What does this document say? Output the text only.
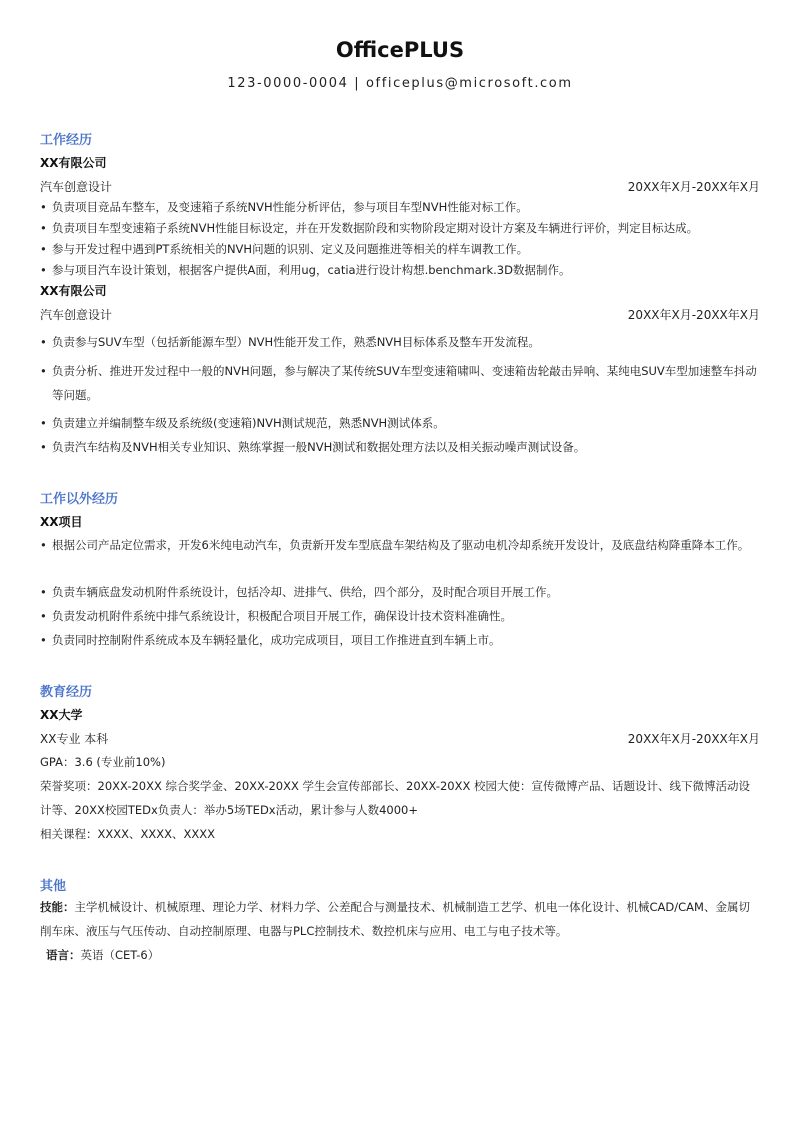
OfficePLUS
123-0000-0004 | officeplus@microsoft.com
工作经历
XX有限公司
汽车创意设计	20XX年X月-20XX年X月
• 负责项目竞品车整车，及变速箱子系统NVH性能分析评估，参与项目车型NVH性能对标工作。
• 负责项目车型变速箱子系统NVH性能目标设定，并在开发数据阶段和实物阶段定期对设计方案及车辆进行评价，判定目标达成。
• 参与开发过程中遇到PT系统相关的NVH问题的识别、定义及问题推进等相关的样车调教工作。
• 参与项目汽车设计策划，根据客户提供A面，利用ug，catia进行设计构想.benchmark.3D数据制作。
XX有限公司
汽车创意设计	20XX年X月-20XX年X月
• 负责参与SUV车型（包括新能源车型）NVH性能开发工作，熟悉NVH目标体系及整车开发流程。
• 负责分析、推进开发过程中一般的NVH问题，参与解决了某传统SUV车型变速箱啸叫、变速箱齿轮敲击异响、某纯电SUV车型加速整车抖动等问题。
• 负责建立并编制整车级及系统级(变速箱)NVH测试规范，熟悉NVH测试体系。
• 负责汽车结构及NVH相关专业知识、熟练掌握一般NVH测试和数据处理方法以及相关振动噪声测试设备。
工作以外经历
XX项目
• 根据公司产品定位需求，开发6米纯电动汽车，负责新开发车型底盘车架结构及了驱动电机冷却系统开发设计，及底盘结构降重降本工作。
• 负责车辆底盘发动机附件系统设计，包括冷却、进排气、供给，四个部分，及时配合项目开展工作。
• 负责发动机附件系统中排气系统设计，积极配合项目开展工作，确保设计技术资料准确性。
• 负责同时控制附件系统成本及车辆轻量化，成功完成项目，项目工作推进直到车辆上市。
教育经历
XX大学
XX专业 本科	20XX年X月-20XX年X月
GPA：3.6 (专业前10%)
荣誉奖项：20XX-20XX 综合奖学金、20XX-20XX 学生会宣传部部长、20XX-20XX 校园大使：宣传微博产品、话题设计、线下微博活动设计等、20XX校园TEDx负责人：举办5场TEDx活动，累计参与人数4000+
相关课程：XXXX、XXXX、XXXX
其他
技能：主学机械设计、机械原理、理论力学、材料力学、公差配合与测量技术、机械制造工艺学、机电一体化设计、机械CAD/CAM、金属切削车床、液压与气压传动、自动控制原理、电器与PLC控制技术、数控机床与应用、电工与电子技术等。
语言：英语（CET-6）
